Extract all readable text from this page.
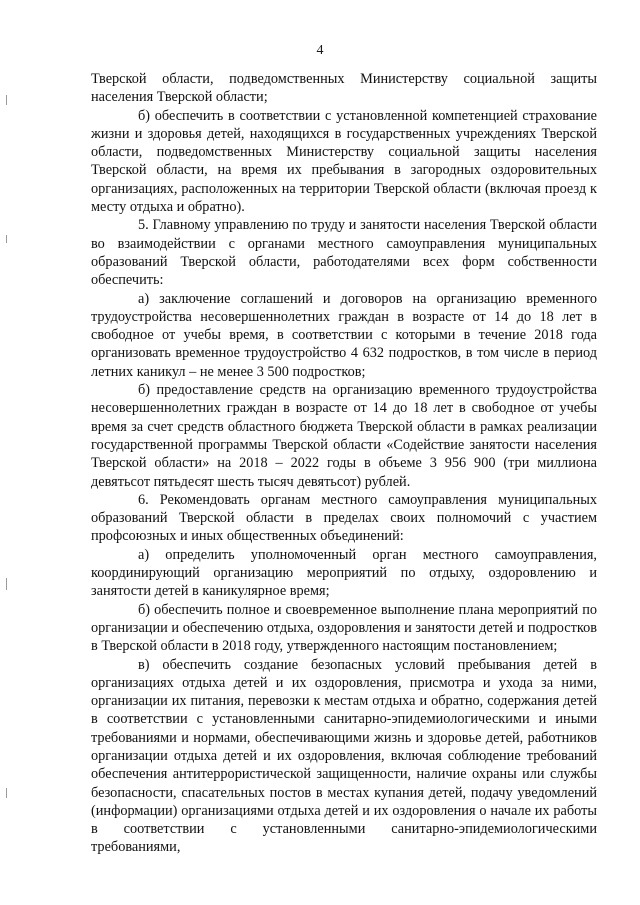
4

Тверской области, подведомственных Министерству социальной защиты населения Тверской области;

б) обеспечить в соответствии с установленной компетенцией страхование жизни и здоровья детей, находящихся в государственных учреждениях Тверской области, подведомственных Министерству социальной защиты населения Тверской области, на время их пребывания в загородных оздоровительных организациях, расположенных на территории Тверской области (включая проезд к месту отдыха и обратно).

5. Главному управлению по труду и занятости населения Тверской области во взаимодействии с органами местного самоуправления муниципальных образований Тверской области, работодателями всех форм собственности обеспечить:

а) заключение соглашений и договоров на организацию временного трудоустройства несовершеннолетних граждан в возрасте от 14 до 18 лет в свободное от учебы время, в соответствии с которыми в течение 2018 года организовать временное трудоустройство 4 632 подростков, в том числе в период летних каникул – не менее 3 500 подростков;

б) предоставление средств на организацию временного трудоустройства несовершеннолетних граждан в возрасте от 14 до 18 лет в свободное от учебы время за счет средств областного бюджета Тверской области в рамках реализации государственной программы Тверской области «Содействие занятости населения Тверской области» на 2018 – 2022 годы в объеме 3 956 900 (три миллиона девятьсот пятьдесят шесть тысяч девятьсот) рублей.

6. Рекомендовать органам местного самоуправления муниципальных образований Тверской области в пределах своих полномочий с участием профсоюзных и иных общественных объединений:

а) определить уполномоченный орган местного самоуправления, координирующий организацию мероприятий по отдыху, оздоровлению и занятости детей в каникулярное время;

б) обеспечить полное и своевременное выполнение плана мероприятий по организации и обеспечению отдыха, оздоровления и занятости детей и подростков в Тверской области в 2018 году, утвержденного настоящим постановлением;

в) обеспечить создание безопасных условий пребывания детей в организациях отдыха детей и их оздоровления, присмотра и ухода за ними, организации их питания, перевозки к местам отдыха и обратно, содержания детей в соответствии с установленными санитарно-эпидемиологическими и иными требованиями и нормами, обеспечивающими жизнь и здоровье детей, работников организации отдыха детей и их оздоровления, включая соблюдение требований обеспечения антитеррористической защищенности, наличие охраны или службы безопасности, спасательных постов в местах купания детей, подачу уведомлений (информации) организациями отдыха детей и их оздоровления о начале их работы в соответствии с установленными санитарно-эпидемиологическими требованиями,
